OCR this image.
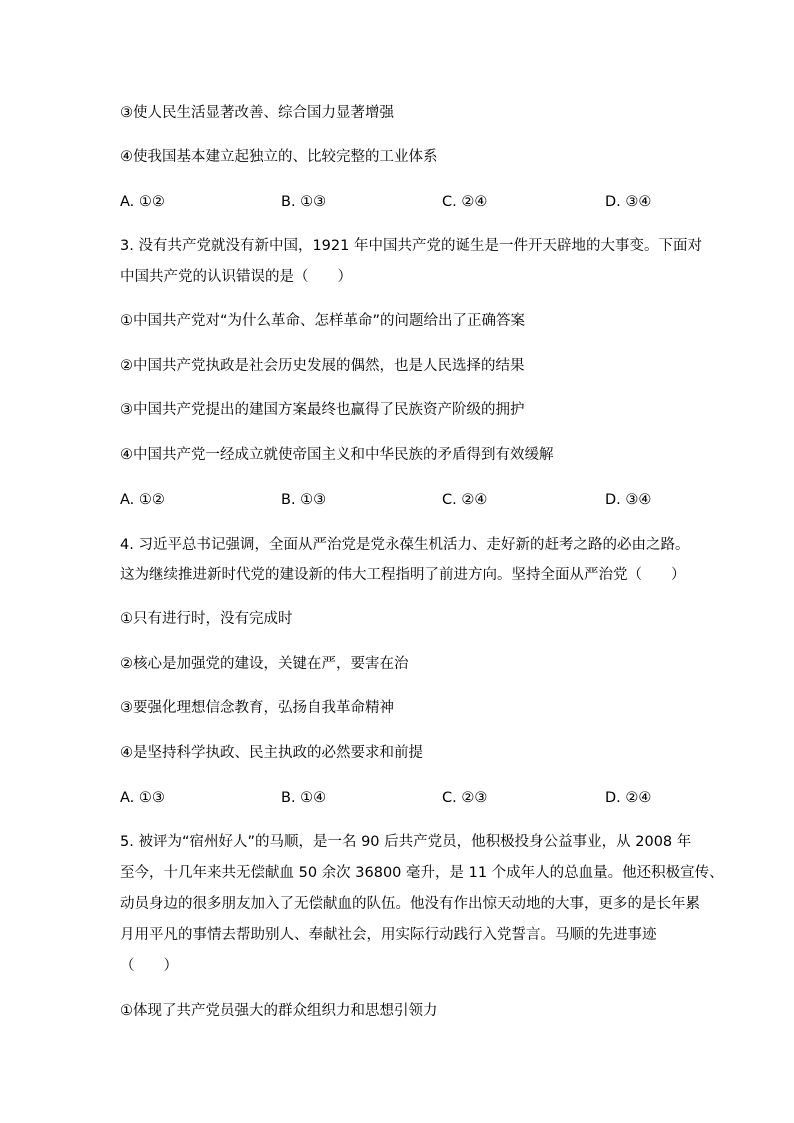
③使人民生活显著改善、综合国力显著增强
④使我国基本建立起独立的、比较完整的工业体系
A. ①②	B. ①③	C. ②④	D. ③④
3. 没有共产党就没有新中国，1921 年中国共产党的诞生是一件开天辟地的大事变。下面对
中国共产党的认识错误的是（　　）
①中国共产党对“为什么革命、怎样革命”的问题给出了正确答案
②中国共产党执政是社会历史发展的偶然，也是人民选择的结果
③中国共产党提出的建国方案最终也赢得了民族资产阶级的拥护
④中国共产党一经成立就使帝国主义和中华民族的矛盾得到有效缓解
A. ①②	B. ①③	C. ②④	D. ③④
4. 习近平总书记强调，全面从严治党是党永葆生机活力、走好新的赶考之路的必由之路。
这为继续推进新时代党的建设新的伟大工程指明了前进方向。坚持全面从严治党（　　）
①只有进行时，没有完成时
②核心是加强党的建设，关键在严，要害在治
③要强化理想信念教育，弘扬自我革命精神
④是坚持科学执政、民主执政的必然要求和前提
A. ①③	B. ①④	C. ②③	D. ②④
5. 被评为“宿州好人”的马顺，是一名 90 后共产党员，他积极投身公益事业，从 2008 年
至今，十几年来共无偿献血 50 余次 36800 毫升，是 11 个成年人的总血量。他还积极宣传、
动员身边的很多朋友加入了无偿献血的队伍。他没有作出惊天动地的大事，更多的是长年累
月用平凡的事情去帮助别人、奉献社会，用实际行动践行入党誓言。马顺的先进事迹
（　　）
①体现了共产党员强大的群众组织力和思想引领力
